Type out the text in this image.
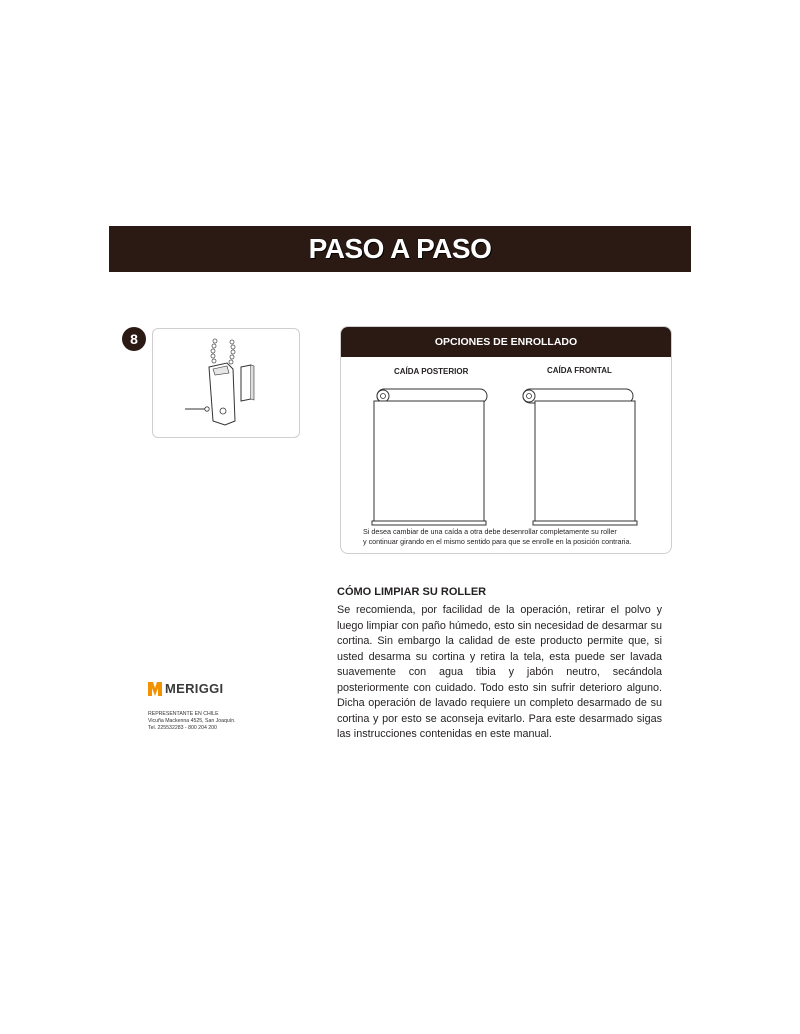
PASO A PASO
8	OPCIONES DE ENROLLADO
CAÍDA POSTERIOR	CAÍDA FRONTAL
Si desea cambiar de una caída a otra debe desenrollar completamente su roller
y continuar girando en el mismo sentido para que se enrolle en la posición contraria.
CÓMO LIMPIAR SU ROLLER

Se recomienda, por facilidad de la operación, retirar el polvo y luego limpiar con paño húmedo, esto sin necesidad de desarmar su cortina. Sin embargo la calidad de este producto permite que, si usted desarma su cortina y retira la tela, esta puede ser lavada suavemente con agua tibia y jabón neutro, secándola posteriormente con cuidado. Todo esto sin sufrir deterioro alguno. Dicha operación de lavado requiere un completo desarmado de su cortina y por esto se aconseja evitarlo. Para este desarmado sigas las instrucciones contenidas en este manual.

MERIGGI
REPRESENTANTE EN CHILE
Vicuña Mackenna 4525, San Joaquín.
Tel. 225532283 - 800 204 200
